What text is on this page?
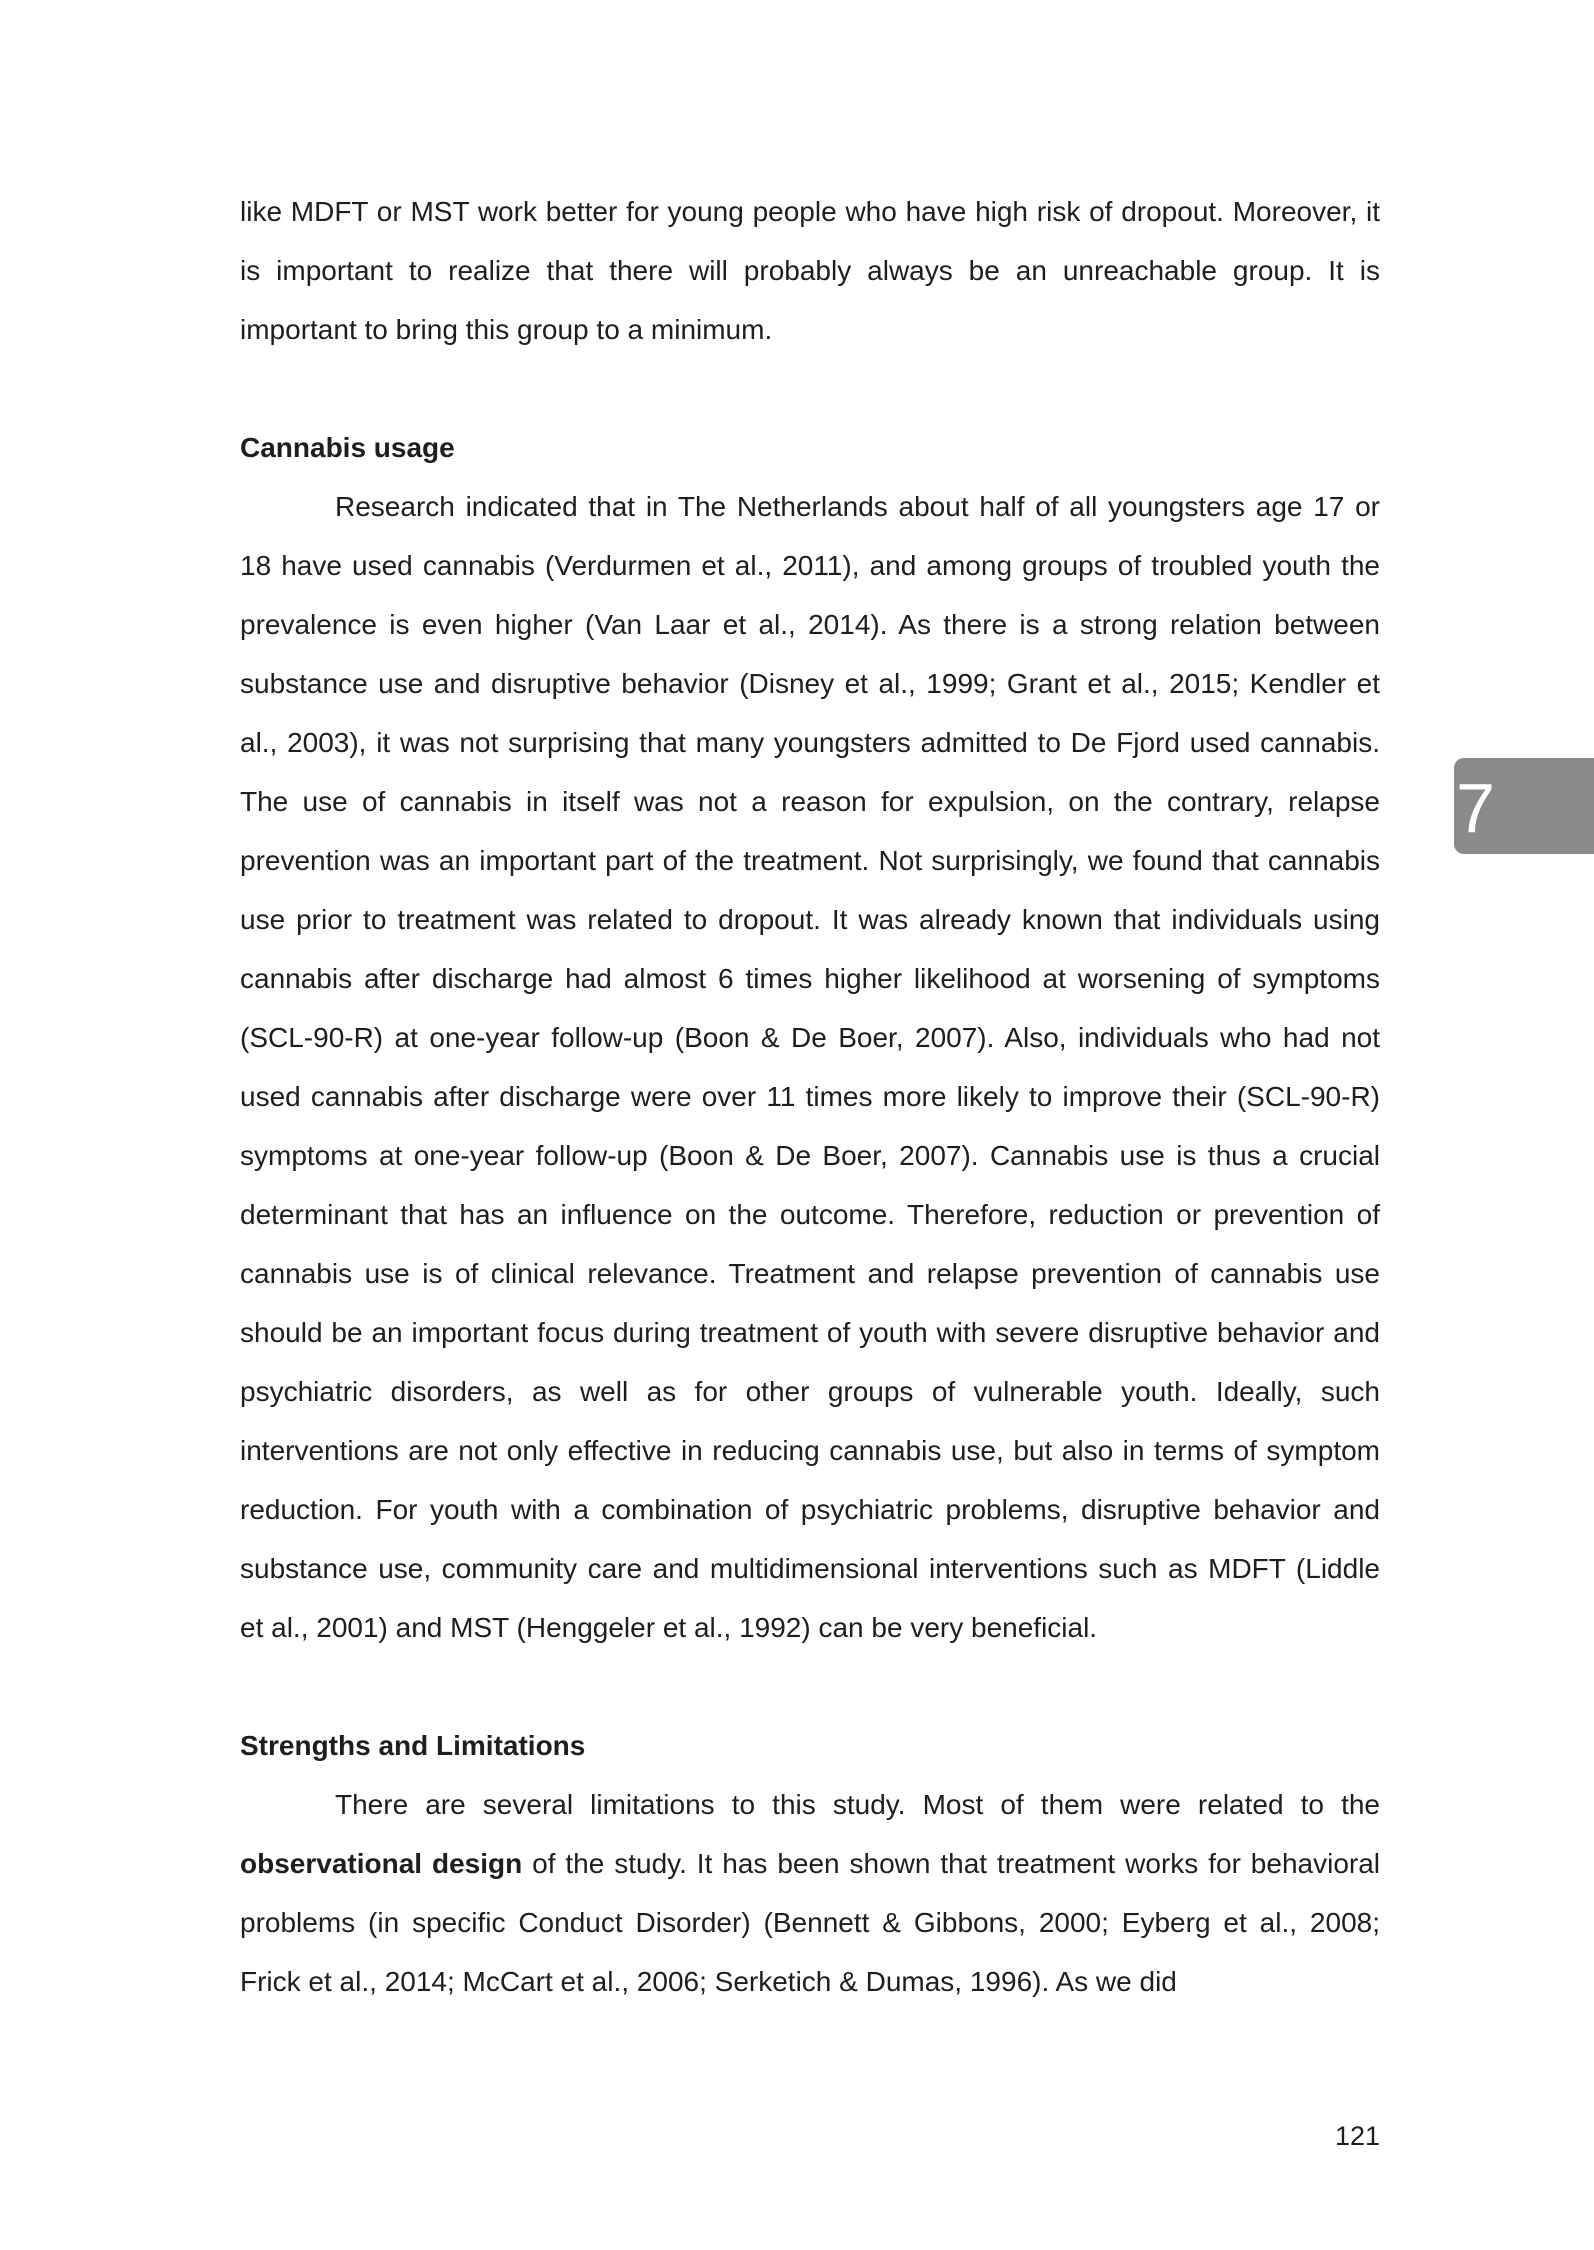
like MDFT or MST work better for young people who have high risk of dropout. Moreover, it is important to realize that there will probably always be an unreachable group. It is important to bring this group to a minimum.

Cannabis usage

Research indicated that in The Netherlands about half of all youngsters age 17 or 18 have used cannabis (Verdurmen et al., 2011), and among groups of troubled youth the prevalence is even higher (Van Laar et al., 2014). As there is a strong relation between substance use and disruptive behavior (Disney et al., 1999; Grant et al., 2015; Kendler et al., 2003), it was not surprising that many youngsters admitted to De Fjord used cannabis. The use of cannabis in itself was not a reason for expulsion, on the contrary, relapse prevention was an important part of the treatment. Not surprisingly, we found that cannabis use prior to treatment was related to dropout. It was already known that individuals using cannabis after discharge had almost 6 times higher likelihood at worsening of symptoms (SCL-90-R) at one-year follow-up (Boon & De Boer, 2007). Also, individuals who had not used cannabis after discharge were over 11 times more likely to improve their (SCL-90-R) symptoms at one-year follow-up (Boon & De Boer, 2007). Cannabis use is thus a crucial determinant that has an influence on the outcome. Therefore, reduction or prevention of cannabis use is of clinical relevance. Treatment and relapse prevention of cannabis use should be an important focus during treatment of youth with severe disruptive behavior and psychiatric disorders, as well as for other groups of vulnerable youth. Ideally, such interventions are not only effective in reducing cannabis use, but also in terms of symptom reduction. For youth with a combination of psychiatric problems, disruptive behavior and substance use, community care and multidimensional interventions such as MDFT (Liddle et al., 2001) and MST (Henggeler et al., 1992) can be very beneficial.

Strengths and Limitations

There are several limitations to this study. Most of them were related to the observational design of the study. It has been shown that treatment works for behavioral problems (in specific Conduct Disorder) (Bennett & Gibbons, 2000; Eyberg et al., 2008; Frick et al., 2014; McCart et al., 2006; Serketich & Dumas, 1996). As we did

7
121
